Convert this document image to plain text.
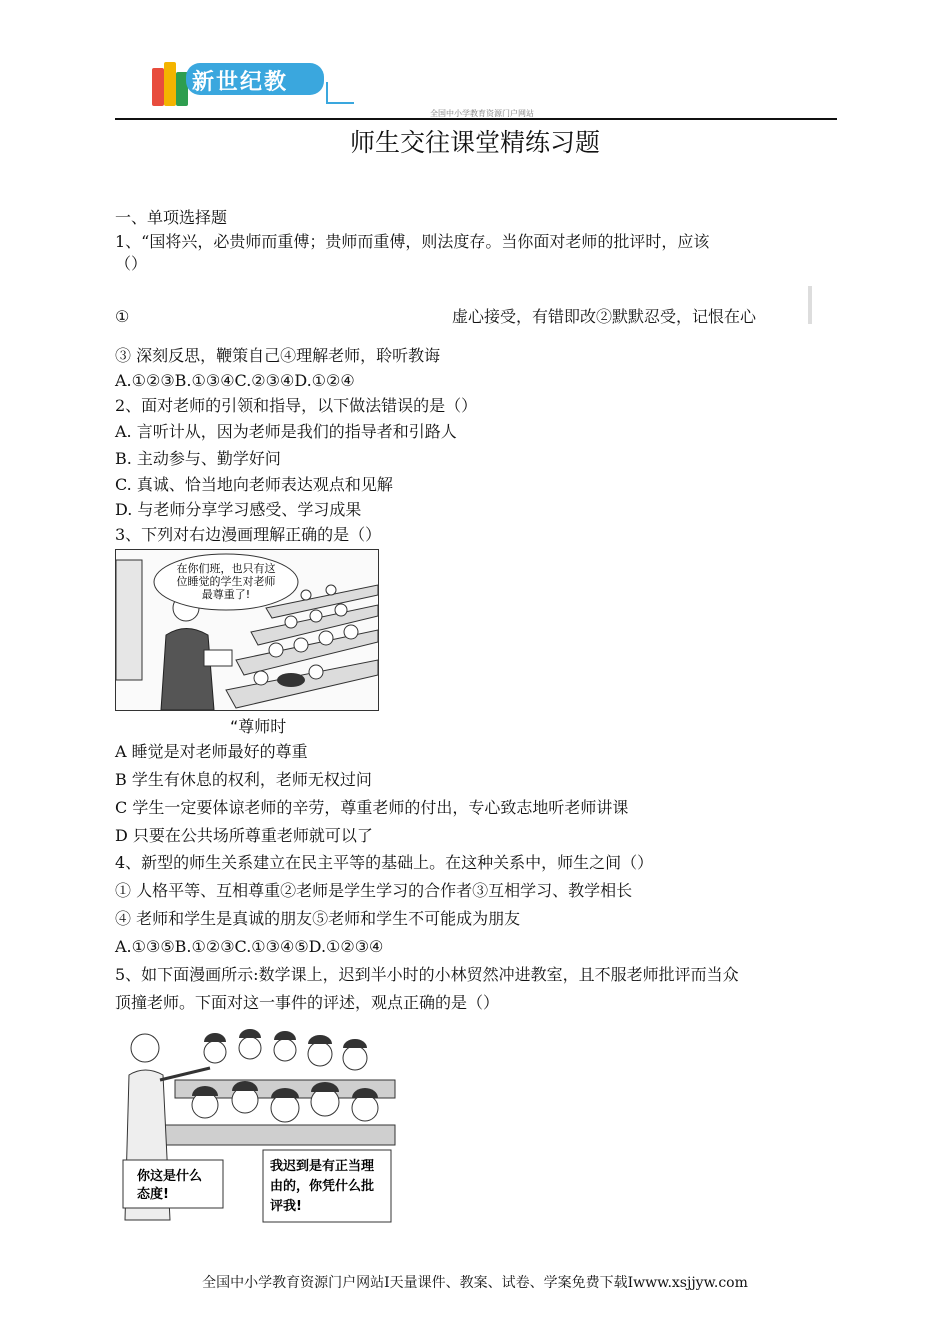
新世纪教
全国中小学教育资源门户网站
师生交往课堂精练习题
一、单项选择题
1、“国将兴，必贵师而重傅；贵师而重傅，则法度存。当你面对老师的批评时，应该
（）
①	虚心接受，有错即改②默默忍受，记恨在心
③ 深刻反思，鞭策自己④理解老师，聆听教诲
A.①②③B.①③④C.②③④D.①②④
2、面对老师的引领和指导，以下做法错误的是（）
A. 言听计从，因为老师是我们的指导者和引路人
B. 主动参与、勤学好问
C. 真诚、恰当地向老师表达观点和见解
D. 与老师分享学习感受、学习成果
3、下列对右边漫画理解正确的是（）
在你们班，也只有这
位睡觉的学生对老师
最尊重了!
“尊师时
A 睡觉是对老师最好的尊重
B 学生有休息的权利，老师无权过问
C 学生一定要体谅老师的辛劳，尊重老师的付出，专心致志地听老师讲课
D 只要在公共场所尊重老师就可以了
4、新型的师生关系建立在民主平等的基础上。在这种关系中，师生之间（）
① 人格平等、互相尊重②老师是学生学习的合作者③互相学习、教学相长
④ 老师和学生是真诚的朋友⑤老师和学生不可能成为朋友
A.①③⑤B.①②③C.①③④⑤D.①②③④
5、如下面漫画所示:数学课上，迟到半小时的小林贸然冲进教室，且不服老师批评而当众
顶撞老师。下面对这一事件的评述，观点正确的是（）
你这是什么
态度!
我迟到是有正当理
由的，你凭什么批
评我!
全国中小学教育资源门户网站I天量课件、教案、试卷、学案免费下载Iwww.xsjjyw.com
